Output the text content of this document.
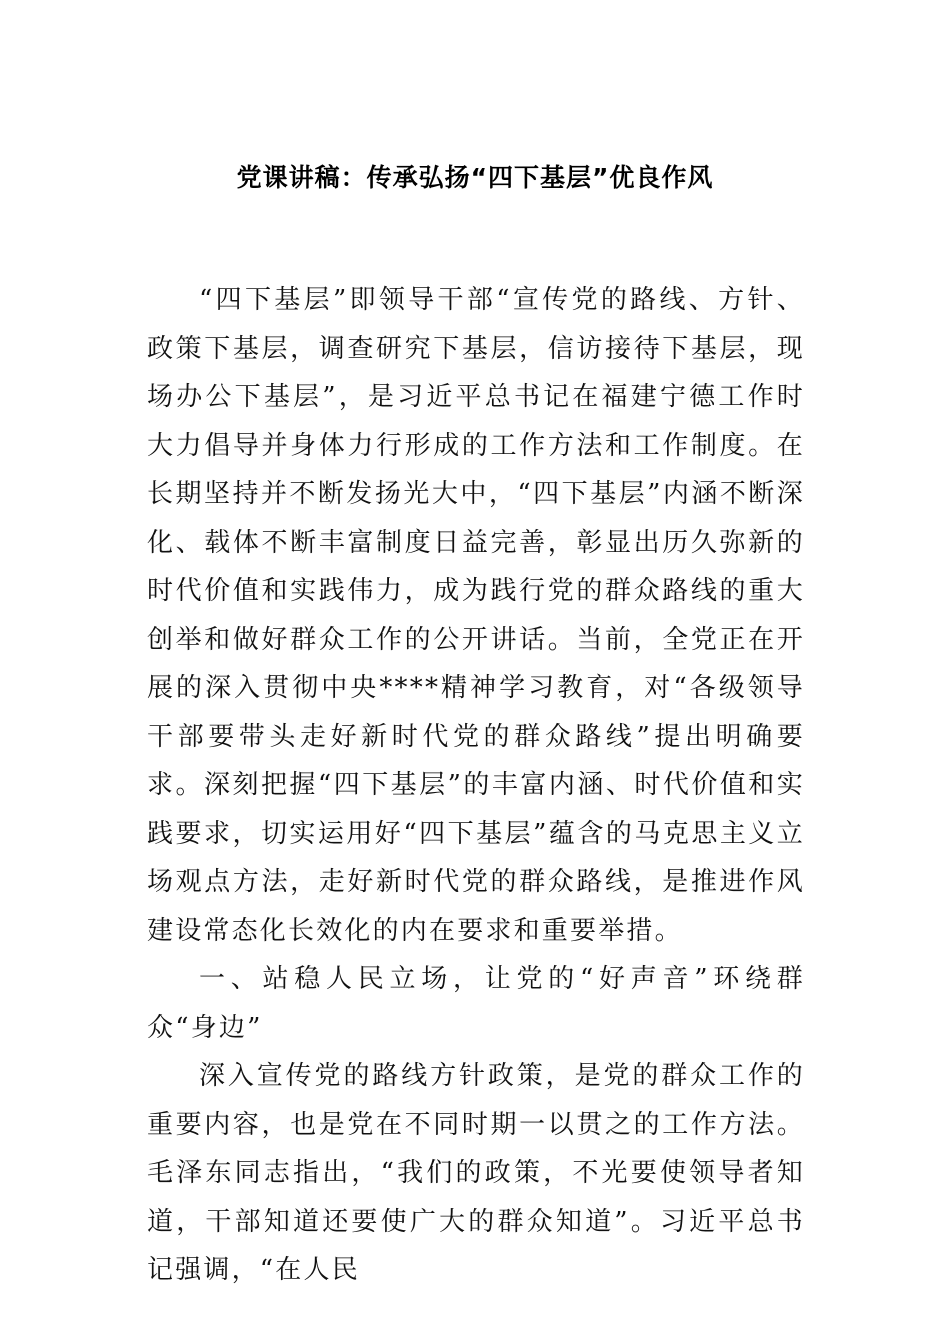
党课讲稿：传承弘扬“四下基层”优良作风

“四下基层”即领导干部“宣传党的路线、方针、政策下基层，调查研究下基层，信访接待下基层，现场办公下基层”，是习近平总书记在福建宁德工作时大力倡导并身体力行形成的工作方法和工作制度。在长期坚持并不断发扬光大中，“四下基层”内涵不断深化、载体不断丰富制度日益完善，彰显出历久弥新的时代价值和实践伟力，成为践行党的群众路线的重大创举和做好群众工作的公开讲话。当前，全党正在开展的深入贯彻中央****精神学习教育，对“各级领导干部要带头走好新时代党的群众路线”提出明确要求。深刻把握“四下基层”的丰富内涵、时代价值和实践要求，切实运用好“四下基层”蕴含的马克思主义立场观点方法，走好新时代党的群众路线，是推进作风建设常态化长效化的内在要求和重要举措。

一、站稳人民立场，让党的“好声音”环绕群众“身边”

深入宣传党的路线方针政策，是党的群众工作的重要内容，也是党在不同时期一以贯之的工作方法。毛泽东同志指出，“我们的政策，不光要使领导者知道，干部知道还要使广大的群众知道”。习近平总书记强调，“在人民
